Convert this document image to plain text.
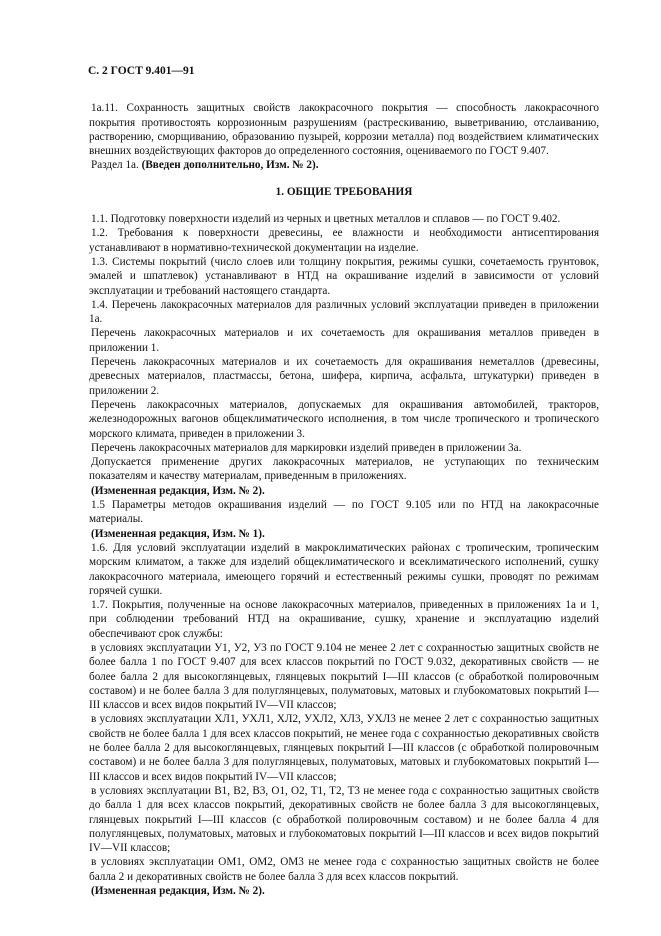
С. 2 ГОСТ 9.401—91

1а.11. Сохранность защитных свойств лакокрасочного покрытия — способность лакокрасочного покрытия противостоять коррозионным разрушениям (растрескиванию, выветриванию, отслаиванию, растворению, сморщиванию, образованию пузырей, коррозии металла) под воздействием климатических внешних воздействующих факторов до определенного состояния, оцениваемого по ГОСТ 9.407.

Раздел 1а. (Введен дополнительно, Изм. № 2).

1. ОБЩИЕ ТРЕБОВАНИЯ

1.1. Подготовку поверхности изделий из черных и цветных металлов и сплавов — по ГОСТ 9.402.

1.2. Требования к поверхности древесины, ее влажности и необходимости антисептирования устанавливают в нормативно-технической документации на изделие.

1.3. Системы покрытий (число слоев или толщину покрытия, режимы сушки, сочетаемость грунтовок, эмалей и шпатлевок) устанавливают в НТД на окрашивание изделий в зависимости от условий эксплуатации и требований настоящего стандарта.

1.4. Перечень лакокрасочных материалов для различных условий эксплуатации приведен в приложении 1а.

Перечень лакокрасочных материалов и их сочетаемость для окрашивания металлов приведен в приложении 1.

Перечень лакокрасочных материалов и их сочетаемость для окрашивания неметаллов (древесины, древесных материалов, пластмассы, бетона, шифера, кирпича, асфальта, штукатурки) приведен в приложении 2.

Перечень лакокрасочных материалов, допускаемых для окрашивания автомобилей, тракторов, железнодорожных вагонов общеклиматического исполнения, в том числе тропического и тропического морского климата, приведен в приложении 3.

Перечень лакокрасочных материалов для маркировки изделий приведен в приложении 3а.

Допускается применение других лакокрасочных материалов, не уступающих по техническим показателям и качеству материалам, приведенным в приложениях.

(Измененная редакция, Изм. № 2).

1.5 Параметры методов окрашивания изделий — по ГОСТ 9.105 или по НТД на лакокрасочные материалы.

(Измененная редакция, Изм. № 1).

1.6. Для условий эксплуатации изделий в макроклиматических районах с тропическим, тропическим морским климатом, а также для изделий общеклиматического и всеклиматического исполнений, сушку лакокрасочного материала, имеющего горячий и естественный режимы сушки, проводят по режимам горячей сушки.

1.7. Покрытия, полученные на основе лакокрасочных материалов, приведенных в приложениях 1а и 1, при соблюдении требований НТД на окрашивание, сушку, хранение и эксплуатацию изделий обеспечивают срок службы:

в условиях эксплуатации У1, У2, У3 по ГОСТ 9.104 не менее 2 лет с сохранностью защитных свойств не более балла 1 по ГОСТ 9.407 для всех классов покрытий по ГОСТ 9.032, декоративных свойств — не более балла 2 для высокоглянцевых, глянцевых покрытий I—III классов (с обработкой полировочным составом) и не более балла 3 для полуглянцевых, полуматовых, матовых и глубокоматовых покрытий I—III классов и всех видов покрытий IV—VII классов;

в условиях эксплуатации ХЛ1, УХЛ1, ХЛ2, УХЛ2, ХЛ3, УХЛ3 не менее 2 лет с сохранностью защитных свойств не более балла 1 для всех классов покрытий, не менее года с сохранностью декоративных свойств не более балла 2 для высокоглянцевых, глянцевых покрытий I—III классов (с обработкой полировочным составом) и не более балла 3 для полуглянцевых, полуматовых, матовых и глубокоматовых покрытий I—III классов и всех видов покрытий IV—VII классов;

в условиях эксплуатации В1, В2, В3, О1, О2, Т1, Т2, Т3 не менее года с сохранностью защитных свойств до балла 1 для всех классов покрытий, декоративных свойств не более балла 3 для высокоглянцевых, глянцевых покрытий I—III классов (с обработкой полировочным составом) и не более балла 4 для полуглянцевых, полуматовых, матовых и глубокоматовых покрытий I—III классов и всех видов покрытий IV—VII классов;

в условиях эксплуатации ОМ1, ОМ2, ОМ3 не менее года с сохранностью защитных свойств не более балла 2 и декоративных свойств не более балла 3 для всех классов покрытий.

(Измененная редакция, Изм. № 2).
